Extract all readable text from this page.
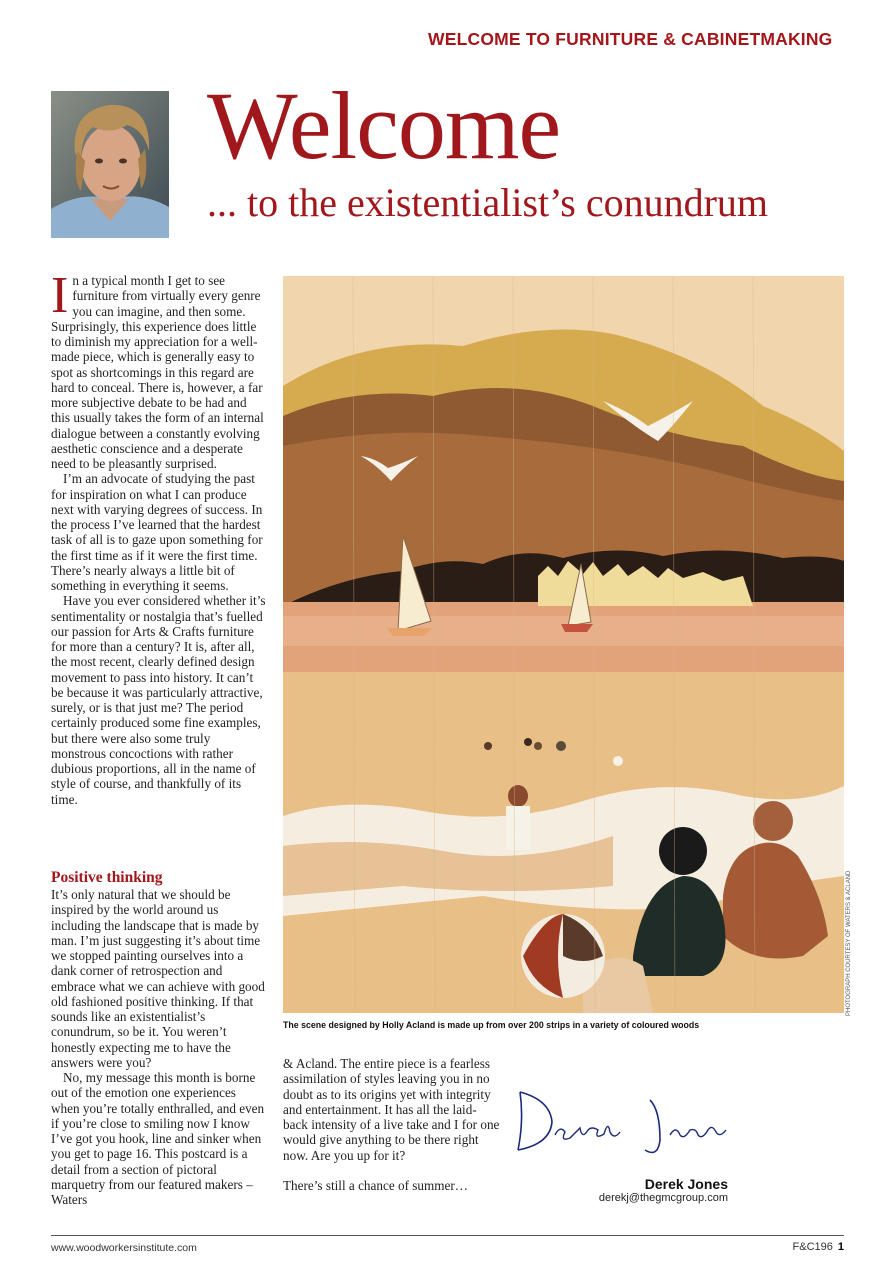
WELCOME TO FURNITURE & CABINETMAKING
Welcome
... to the existentialist’s conundrum

In a typical month I get to see furniture from virtually every genre you can imagine, and then some. Surprisingly, this experience does little to diminish my appreciation for a well-made piece, which is generally easy to spot as shortcomings in this regard are hard to conceal. There is, however, a far more subjective debate to be had and this usually takes the form of an internal dialogue between a constantly evolving aesthetic conscience and a desperate need to be pleasantly surprised.

I’m an advocate of studying the past for inspiration on what I can produce next with varying degrees of success. In the process I’ve learned that the hardest task of all is to gaze upon something for the first time as if it were the first time. There’s nearly always a little bit of something in everything it seems.

Have you ever considered whether it’s sentimentality or nostalgia that’s fuelled our passion for Arts & Crafts furniture for more than a century? It is, after all, the most recent, clearly defined design movement to pass into history. It can’t be because it was particularly attractive, surely, or is that just me? The period certainly produced some fine examples, but there were also some truly monstrous concoctions with rather dubious proportions, all in the name of style of course, and thankfully of its time.

Positive thinking

It’s only natural that we should be inspired by the world around us including the landscape that is made by man. I’m just suggesting it’s about time we stopped painting ourselves into a dank corner of retrospection and embrace what we can achieve with good old fashioned positive thinking. If that sounds like an existentialist’s conundrum, so be it. You weren’t honestly expecting me to have the answers were you?

No, my message this month is borne out of the emotion one experiences when you’re totally enthralled, and even if you’re close to smiling now I know I’ve got you hook, line and sinker when you get to page 16. This postcard is a detail from a section of pictoral marquetry from our featured makers – Waters

PHOTOGRAPH COURTESY OF WATERS & ACLAND
The scene designed by Holly Acland is made up from over 200 strips in a variety of coloured woods

& Acland. The entire piece is a fearless assimilation of styles leaving you in no doubt as to its origins yet with integrity and entertainment. It has all the laid-back intensity of a live take and I for one would give anything to be there right now. Are you up for it?

There’s still a chance of summer…	Derek Jones
derekj@thegmcgroup.com
www.woodworkersinstitute.com	F&C196 1
